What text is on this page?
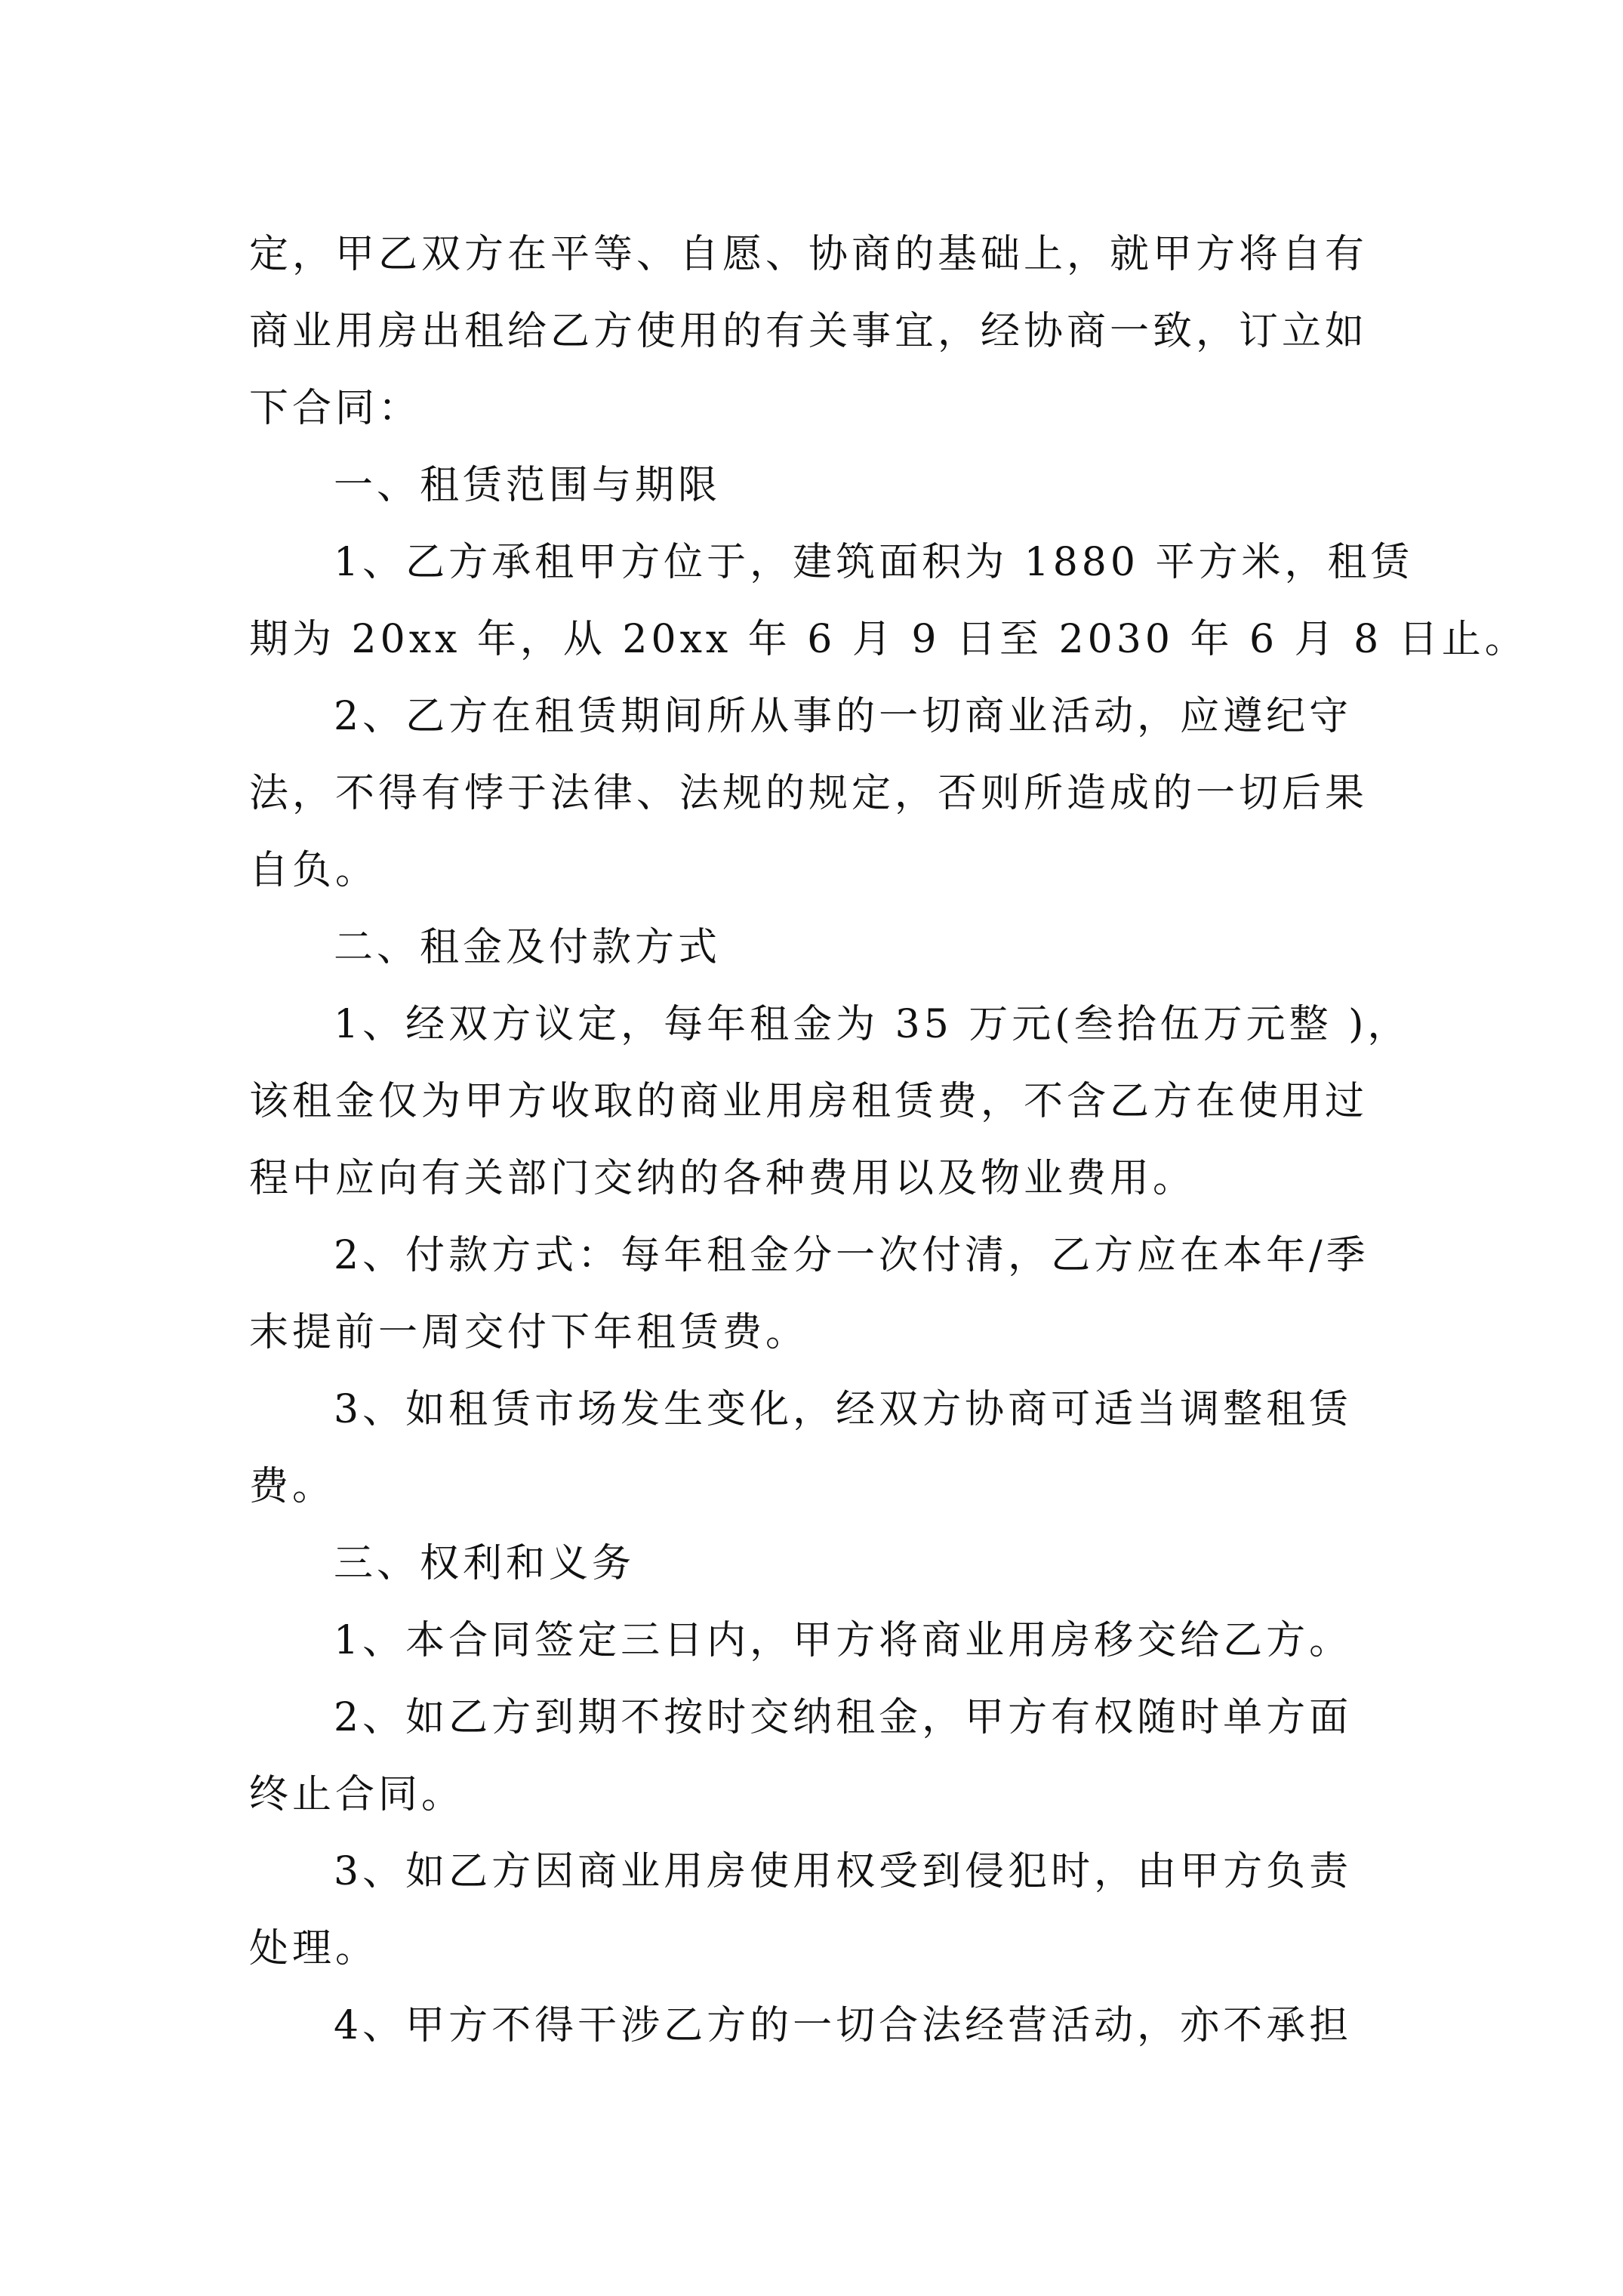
定，甲乙双方在平等、自愿、协商的基础上，就甲方将自有
商业用房出租给乙方使用的有关事宜，经协商一致，订立如
下合同：
一、租赁范围与期限
1、乙方承租甲方位于，建筑面积为 1880 平方米，租赁
期为 20xx 年，从 20xx 年 6 月 9 日至 2030 年 6 月 8 日止。
2、乙方在租赁期间所从事的一切商业活动，应遵纪守
法，不得有悖于法律、法规的规定，否则所造成的一切后果
自负。
二、租金及付款方式
1、经双方议定，每年租金为 35 万元(叁拾伍万元整 )，
该租金仅为甲方收取的商业用房租赁费，不含乙方在使用过
程中应向有关部门交纳的各种费用以及物业费用。
2、付款方式：每年租金分一次付清，乙方应在本年/季
末提前一周交付下年租赁费。
3、如租赁市场发生变化，经双方协商可适当调整租赁
费。
三、权利和义务
1、本合同签定三日内，甲方将商业用房移交给乙方。
2、如乙方到期不按时交纳租金，甲方有权随时单方面
终止合同。
3、如乙方因商业用房使用权受到侵犯时，由甲方负责
处理。
4、甲方不得干涉乙方的一切合法经营活动，亦不承担
